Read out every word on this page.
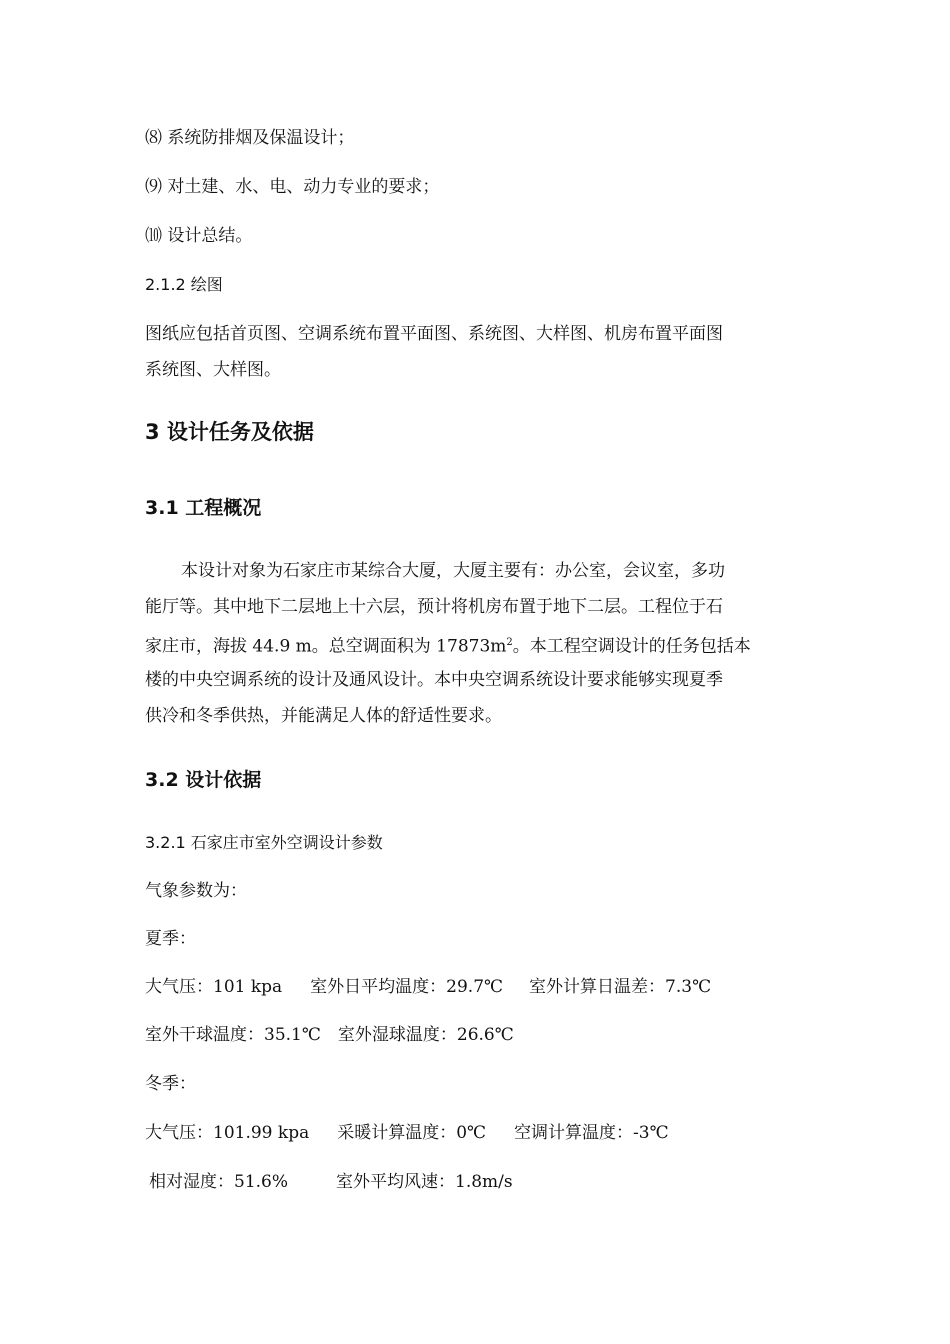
⑻ 系统防排烟及保温设计；
⑼ 对土建、水、电、动力专业的要求；
⑽ 设计总结。
2.1.2 绘图
图纸应包括首页图、空调系统布置平面图、系统图、大样图、机房布置平面图
系统图、大样图。
3 设计任务及依据
3.1 工程概况
本设计对象为石家庄市某综合大厦，大厦主要有：办公室，会议室，多功
能厅等。其中地下二层地上十六层，预计将机房布置于地下二层。工程位于石
家庄市，海拔 44.9 m。总空调面积为 $17873m^2$。本工程空调设计的任务包括本
楼的中央空调系统的设计及通风设计。本中央空调系统设计要求能够实现夏季
供冷和冬季供热，并能满足人体的舒适性要求。
3.2 设计依据
3.2.1 石家庄市室外空调设计参数
气象参数为：
夏季：
大气压：101 kpa 室外日平均温度：29.7℃ 室外计算日温差：7.3℃
室外干球温度：35.1℃ 室外湿球温度：26.6℃
冬季：
大气压：101.99 kpa 采暖计算温度：0℃ 空调计算温度：-3℃
相对湿度：51.6%	室外平均风速：1.8m/s
